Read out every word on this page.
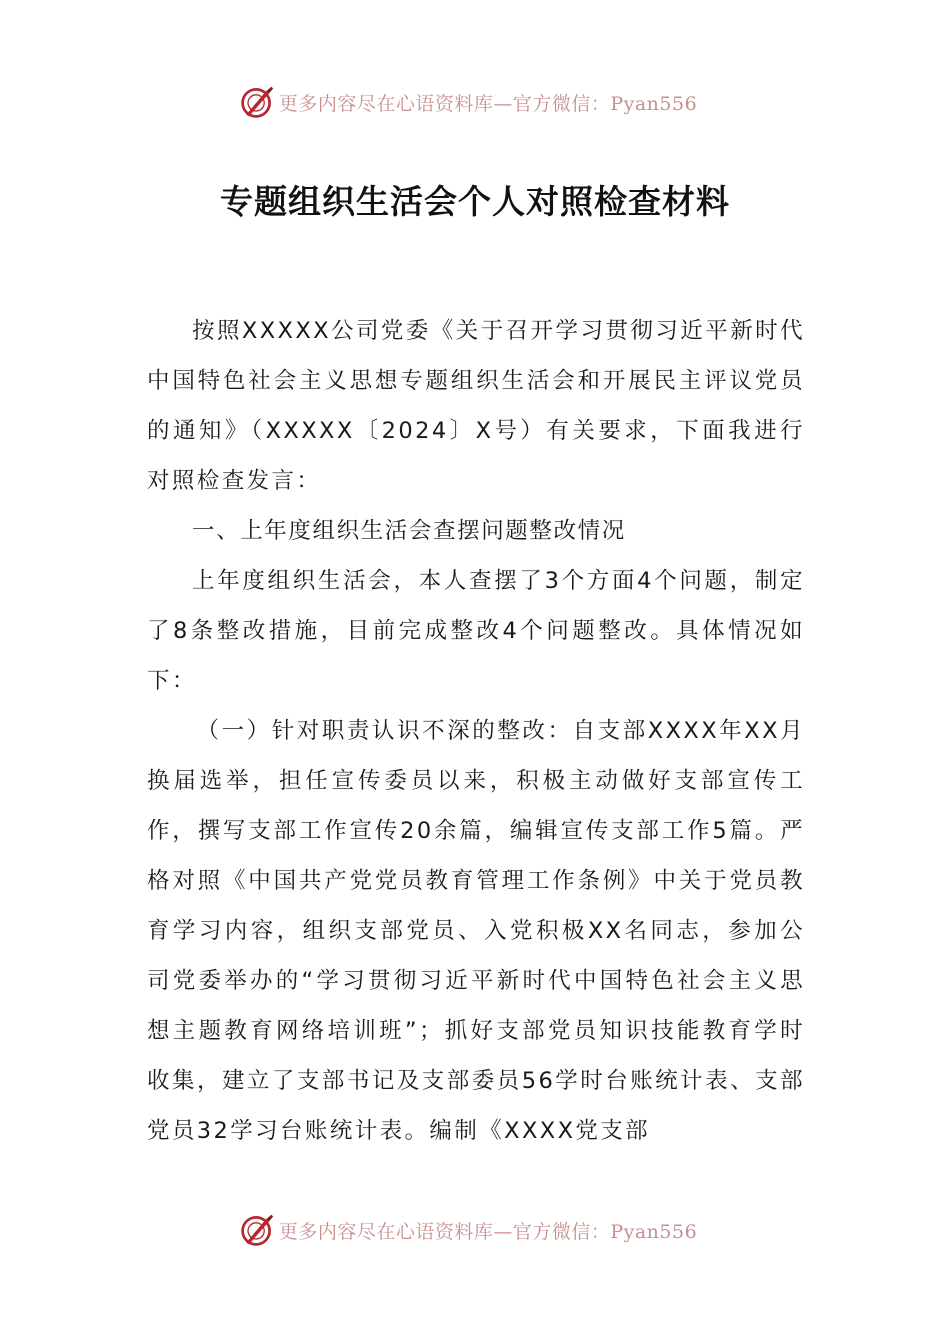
更多内容尽在心语资料库—官方微信：Pyan556
专题组织生活会个人对照检查材料

按照XXXXX公司党委《关于召开学习贯彻习近平新时代中国特色社会主义思想专题组织生活会和开展民主评议党员的通知》（XXXXX〔2024〕X号）有关要求，下面我进行对照检查发言：

一、上年度组织生活会查摆问题整改情况

上年度组织生活会，本人查摆了3个方面4个问题，制定了8条整改措施，目前完成整改4个问题整改。具体情况如下：

（一）针对职责认识不深的整改：自支部XXXX年XX月换届选举，担任宣传委员以来，积极主动做好支部宣传工作，撰写支部工作宣传20余篇，编辑宣传支部工作5篇。严格对照《中国共产党党员教育管理工作条例》中关于党员教育学习内容，组织支部党员、入党积极XX名同志，参加公司党委举办的“学习贯彻习近平新时代中国特色社会主义思想主题教育网络培训班”；抓好支部党员知识技能教育学时收集，建立了支部书记及支部委员56学时台账统计表、支部党员32学习台账统计表。编制《XXXX党支部

更多内容尽在心语资料库—官方微信：Pyan556
